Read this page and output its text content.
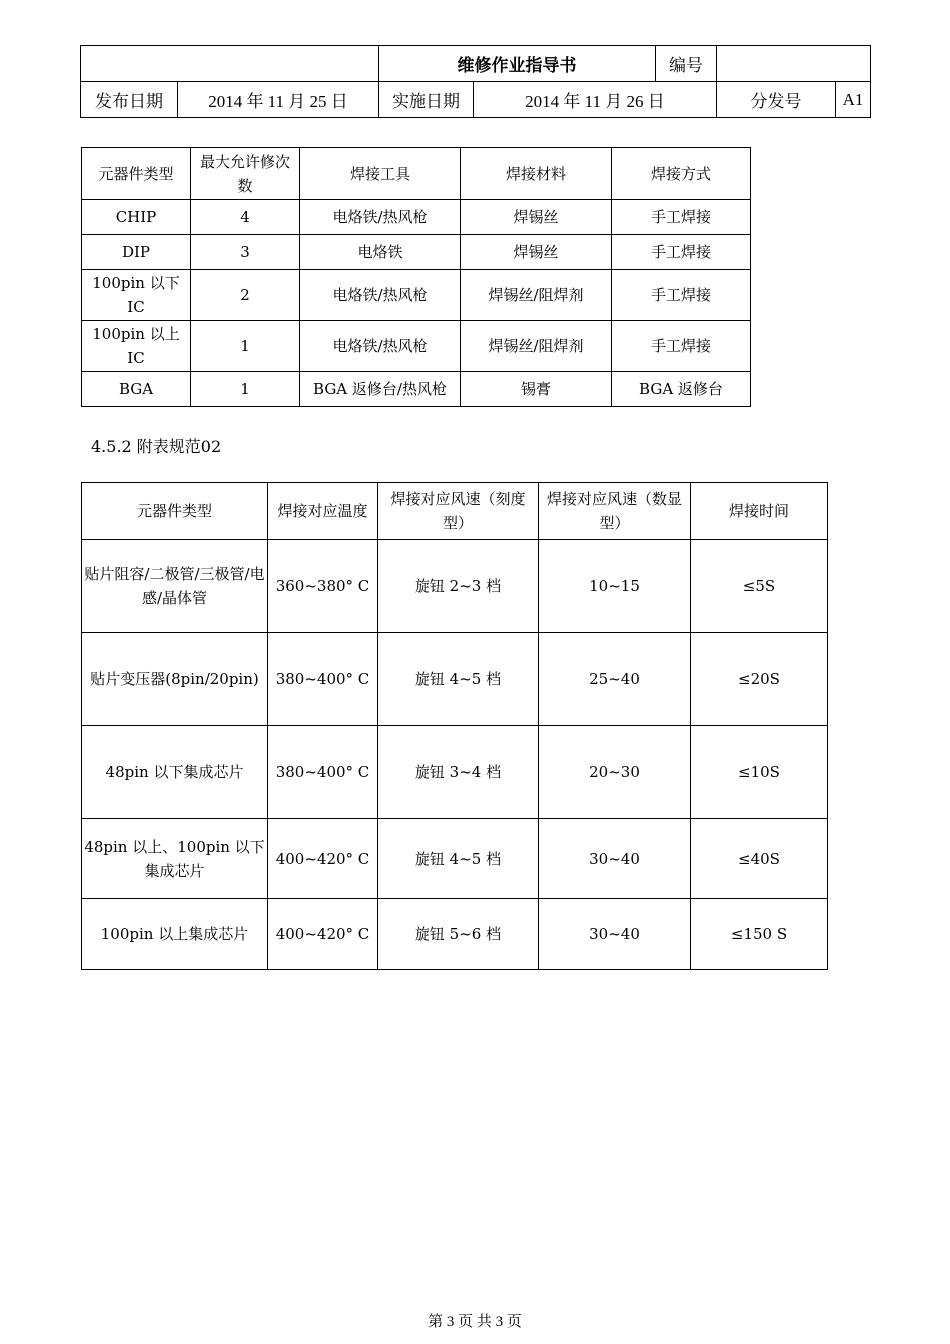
		维修作业指导书		编号		
发布日期	2014 年 11 月 25 日	实施日期	2014 年 11 月 26 日		分发号	A1
元器件类型	最大允许修次数	焊接工具	焊接材料	焊接方式
CHIP	4	电烙铁/热风枪	焊锡丝	手工焊接
DIP	3	电烙铁	焊锡丝	手工焊接
100pin 以下 IC	2	电烙铁/热风枪	焊锡丝/阻焊剂	手工焊接
100pin 以上 IC	1	电烙铁/热风枪	焊锡丝/阻焊剂	手工焊接
BGA	1	BGA 返修台/热风枪	锡膏	BGA 返修台
4.5.2 附表规范02
元器件类型	焊接对应温度	焊接对应风速（刻度型）	焊接对应风速（数显型）	焊接时间
贴片阻容/二极管/三极管/电感/晶体管	360~380° C	旋钮 2~3 档	10~15	≤5S
贴片变压器(8pin/20pin)	380~400° C	旋钮 4~5 档	25~40	≤20S
48pin 以下集成芯片	380~400° C	旋钮 3~4 档	20~30	≤10S
48pin 以上、100pin 以下集成芯片	400~420° C	旋钮 4~5 档	30~40	≤40S
100pin 以上集成芯片	400~420° C	旋钮 5~6 档	30~40	≤150 S
第 3 页 共 3 页
